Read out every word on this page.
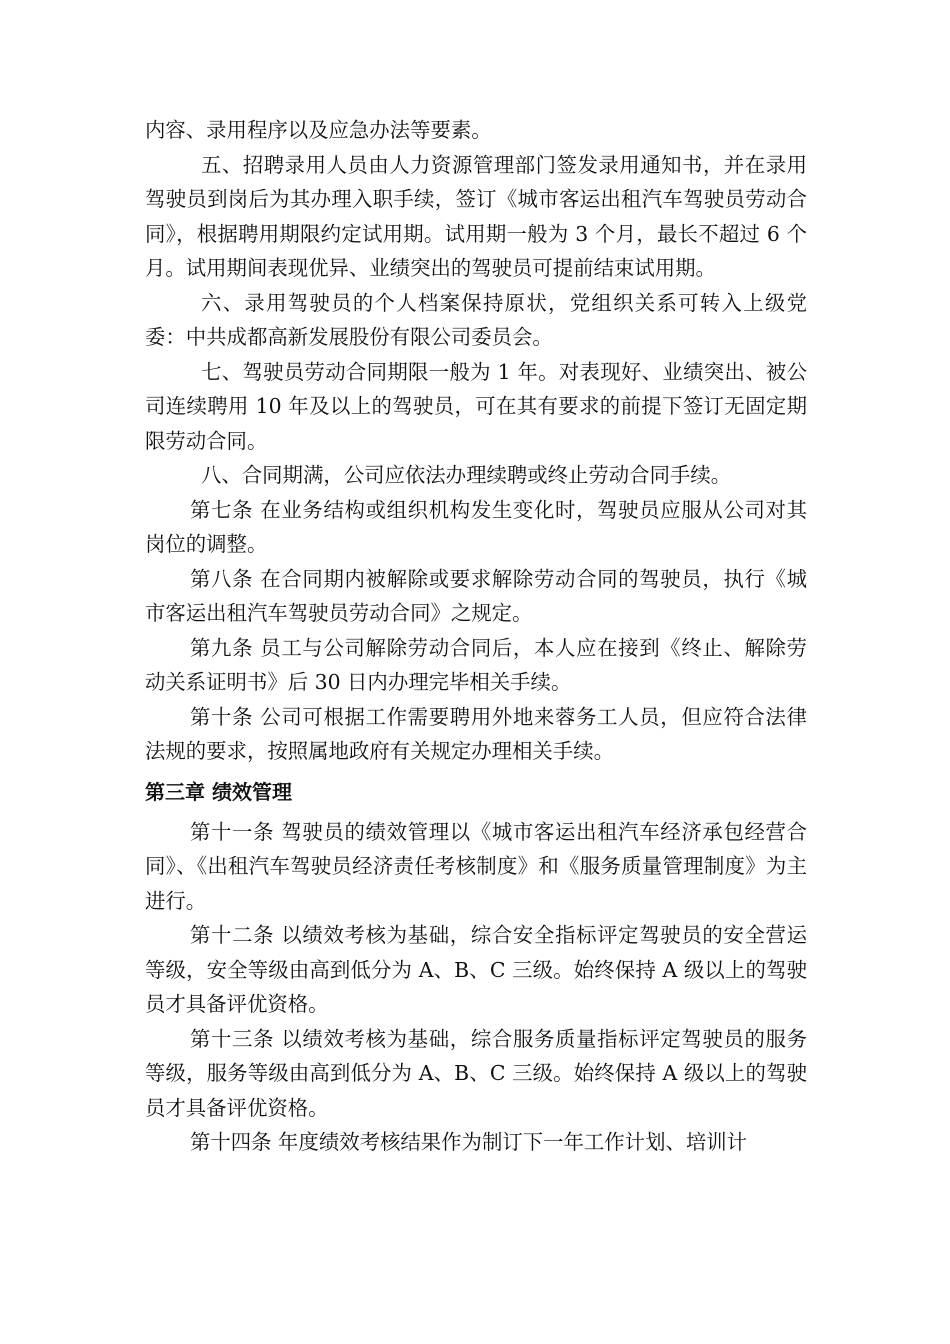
内容、录用程序以及应急办法等要素。

五、招聘录用人员由人力资源管理部门签发录用通知书，并在录用驾驶员到岗后为其办理入职手续，签订《城市客运出租汽车驾驶员劳动合同》，根据聘用期限约定试用期。试用期一般为 3 个月，最长不超过 6 个月。试用期间表现优异、业绩突出的驾驶员可提前结束试用期。

六、录用驾驶员的个人档案保持原状，党组织关系可转入上级党委：中共成都高新发展股份有限公司委员会。

七、驾驶员劳动合同期限一般为 1 年。对表现好、业绩突出、被公司连续聘用 10 年及以上的驾驶员，可在其有要求的前提下签订无固定期限劳动合同。

八、合同期满，公司应依法办理续聘或终止劳动合同手续。

第七条 在业务结构或组织机构发生变化时，驾驶员应服从公司对其岗位的调整。

第八条 在合同期内被解除或要求解除劳动合同的驾驶员，执行《城市客运出租汽车驾驶员劳动合同》之规定。

第九条 员工与公司解除劳动合同后，本人应在接到《终止、解除劳动关系证明书》后 30 日内办理完毕相关手续。

第十条 公司可根据工作需要聘用外地来蓉务工人员，但应符合法律法规的要求，按照属地政府有关规定办理相关手续。

第三章 绩效管理

第十一条 驾驶员的绩效管理以《城市客运出租汽车经济承包经营合同》、《出租汽车驾驶员经济责任考核制度》和《服务质量管理制度》为主进行。

第十二条 以绩效考核为基础，综合安全指标评定驾驶员的安全营运等级，安全等级由高到低分为 A、B、C 三级。始终保持 A 级以上的驾驶员才具备评优资格。

第十三条 以绩效考核为基础，综合服务质量指标评定驾驶员的服务等级，服务等级由高到低分为 A、B、C 三级。始终保持 A 级以上的驾驶员才具备评优资格。

第十四条 年度绩效考核结果作为制订下一年工作计划、培训计
